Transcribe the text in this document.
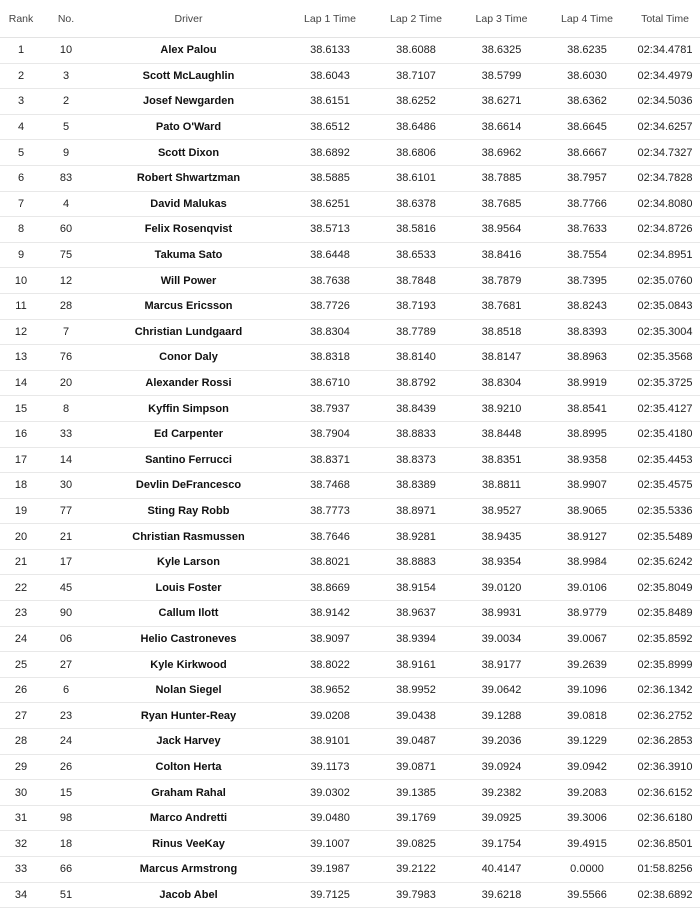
Rank	No.	Driver	Lap 1 Time	Lap 2 Time	Lap 3 Time	Lap 4 Time	Total Time
1	10	Alex Palou	38.6133	38.6088	38.6325	38.6235	02:34.4781
2	3	Scott McLaughlin	38.6043	38.7107	38.5799	38.6030	02:34.4979
3	2	Josef Newgarden	38.6151	38.6252	38.6271	38.6362	02:34.5036
4	5	Pato O'Ward	38.6512	38.6486	38.6614	38.6645	02:34.6257
5	9	Scott Dixon	38.6892	38.6806	38.6962	38.6667	02:34.7327
6	83	Robert Shwartzman	38.5885	38.6101	38.7885	38.7957	02:34.7828
7	4	David Malukas	38.6251	38.6378	38.7685	38.7766	02:34.8080
8	60	Felix Rosenqvist	38.5713	38.5816	38.9564	38.7633	02:34.8726
9	75	Takuma Sato	38.6448	38.6533	38.8416	38.7554	02:34.8951
10	12	Will Power	38.7638	38.7848	38.7879	38.7395	02:35.0760
11	28	Marcus Ericsson	38.7726	38.7193	38.7681	38.8243	02:35.0843
12	7	Christian Lundgaard	38.8304	38.7789	38.8518	38.8393	02:35.3004
13	76	Conor Daly	38.8318	38.8140	38.8147	38.8963	02:35.3568
14	20	Alexander Rossi	38.6710	38.8792	38.8304	38.9919	02:35.3725
15	8	Kyffin Simpson	38.7937	38.8439	38.9210	38.8541	02:35.4127
16	33	Ed Carpenter	38.7904	38.8833	38.8448	38.8995	02:35.4180
17	14	Santino Ferrucci	38.8371	38.8373	38.8351	38.9358	02:35.4453
18	30	Devlin DeFrancesco	38.7468	38.8389	38.8811	38.9907	02:35.4575
19	77	Sting Ray Robb	38.7773	38.8971	38.9527	38.9065	02:35.5336
20	21	Christian Rasmussen	38.7646	38.9281	38.9435	38.9127	02:35.5489
21	17	Kyle Larson	38.8021	38.8883	38.9354	38.9984	02:35.6242
22	45	Louis Foster	38.8669	38.9154	39.0120	39.0106	02:35.8049
23	90	Callum Ilott	38.9142	38.9637	38.9931	38.9779	02:35.8489
24	06	Helio Castroneves	38.9097	38.9394	39.0034	39.0067	02:35.8592
25	27	Kyle Kirkwood	38.8022	38.9161	38.9177	39.2639	02:35.8999
26	6	Nolan Siegel	38.9652	38.9952	39.0642	39.1096	02:36.1342
27	23	Ryan Hunter-Reay	39.0208	39.0438	39.1288	39.0818	02:36.2752
28	24	Jack Harvey	38.9101	39.0487	39.2036	39.1229	02:36.2853
29	26	Colton Herta	39.1173	39.0871	39.0924	39.0942	02:36.3910
30	15	Graham Rahal	39.0302	39.1385	39.2382	39.2083	02:36.6152
31	98	Marco Andretti	39.0480	39.1769	39.0925	39.3006	02:36.6180
32	18	Rinus VeeKay	39.1007	39.0825	39.1754	39.4915	02:36.8501
33	66	Marcus Armstrong	39.1987	39.2122	40.4147	0.0000	01:58.8256
34	51	Jacob Abel	39.7125	39.7983	39.6218	39.5566	02:38.6892
